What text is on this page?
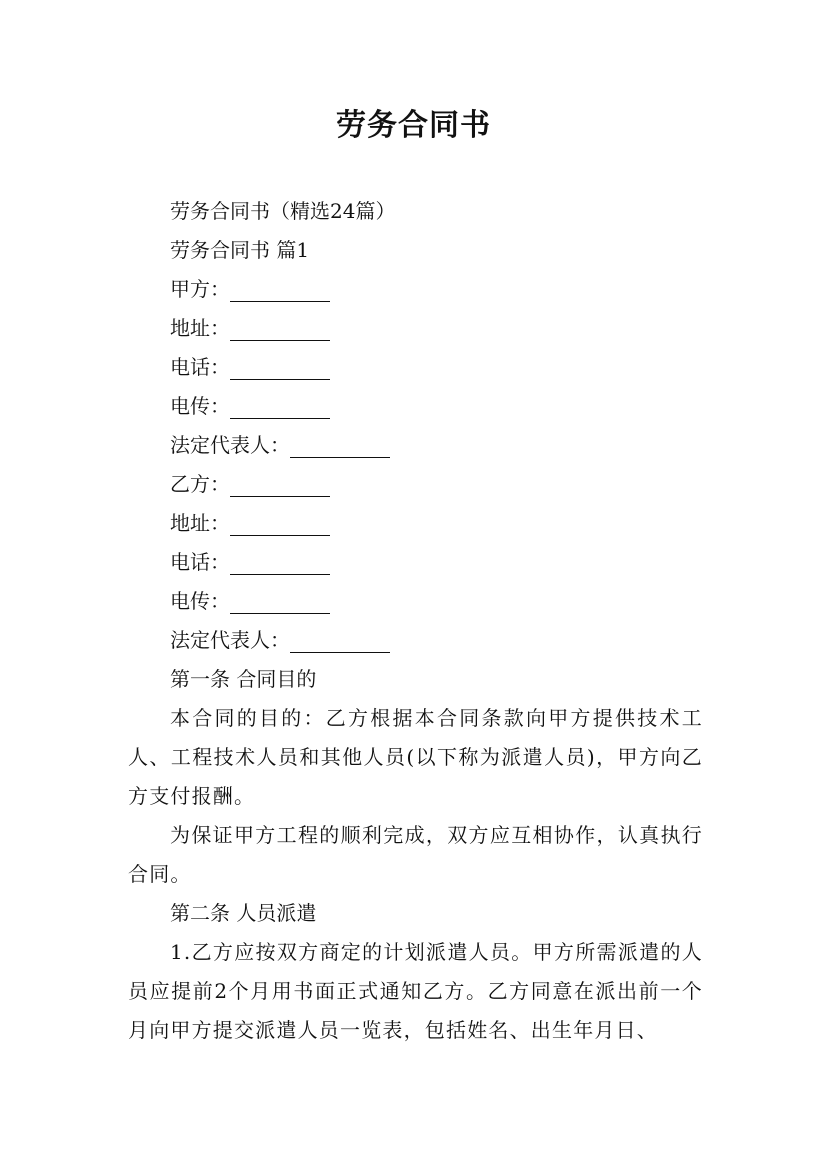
劳务合同书
劳务合同书（精选24篇）
劳务合同书 篇1
甲方：
地址：
电话：
电传：
法定代表人：
乙方：
地址：
电话：
电传：
法定代表人：
第一条 合同目的
本合同的目的：乙方根据本合同条款向甲方提供技术工人、工程技术人员和其他人员(以下称为派遣人员)，甲方向乙方支付报酬。
为保证甲方工程的顺利完成，双方应互相协作，认真执行合同。
第二条 人员派遣
1.乙方应按双方商定的计划派遣人员。甲方所需派遣的人员应提前2个月用书面正式通知乙方。乙方同意在派出前一个月向甲方提交派遣人员一览表，包括姓名、出生年月日、
